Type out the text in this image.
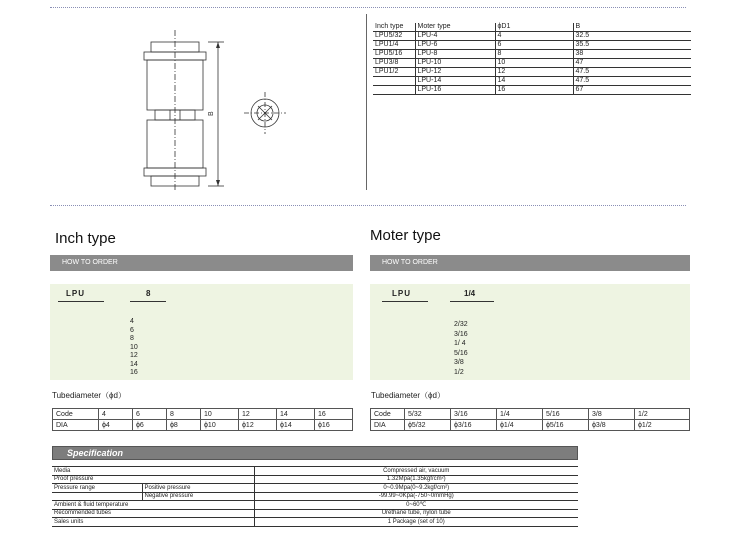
B
Inch type	Moter type	ϕD1	B
LPU5/32	LPU-4	4	32.5
LPU1/4	LPU-6	6	35.5
LPU5/16	LPU-8	8	38
LPU3/8	LPU-10	10	47
LPU1/2	LPU-12	12	47.5
	LPU-14	14	47.5
	LPU-16	16	67
Inch type
HOW TO ORDER
LPU	8
4
6
8
10
12
14
16
Tubediameter（ϕd）
Code	4	6	8	10	12	14	16
DIA	ϕ4	ϕ6	ϕ8	ϕ10	ϕ12	ϕ14	ϕ16
Moter type
HOW TO ORDER
LPU	1/4
2/32
3/16
1/ 4
5/16
3/8
1/2
Tubediameter（ϕd）
Code	5/32	3/16	1/4	5/16	3/8	1/2
DIA	ϕ5/32	ϕ3/16	ϕ1/4	ϕ5/16	ϕ3/8	ϕ1/2
Specification
Media		Compressed air, vacuum
Proof pressure		1.32Mpa(1.35kgf/cm²)
Pressure range	Positive pressure	0~0.9Mpa(0~9.2kgf/cm²)
	Negative pressure	-99.99~0Kpa(-750~0mmHg)
Ambient & fluid temperature		0~60℃
Recommended tubes		Urethane tube, nylon tube
Sales units		1 Package (set of 10)
